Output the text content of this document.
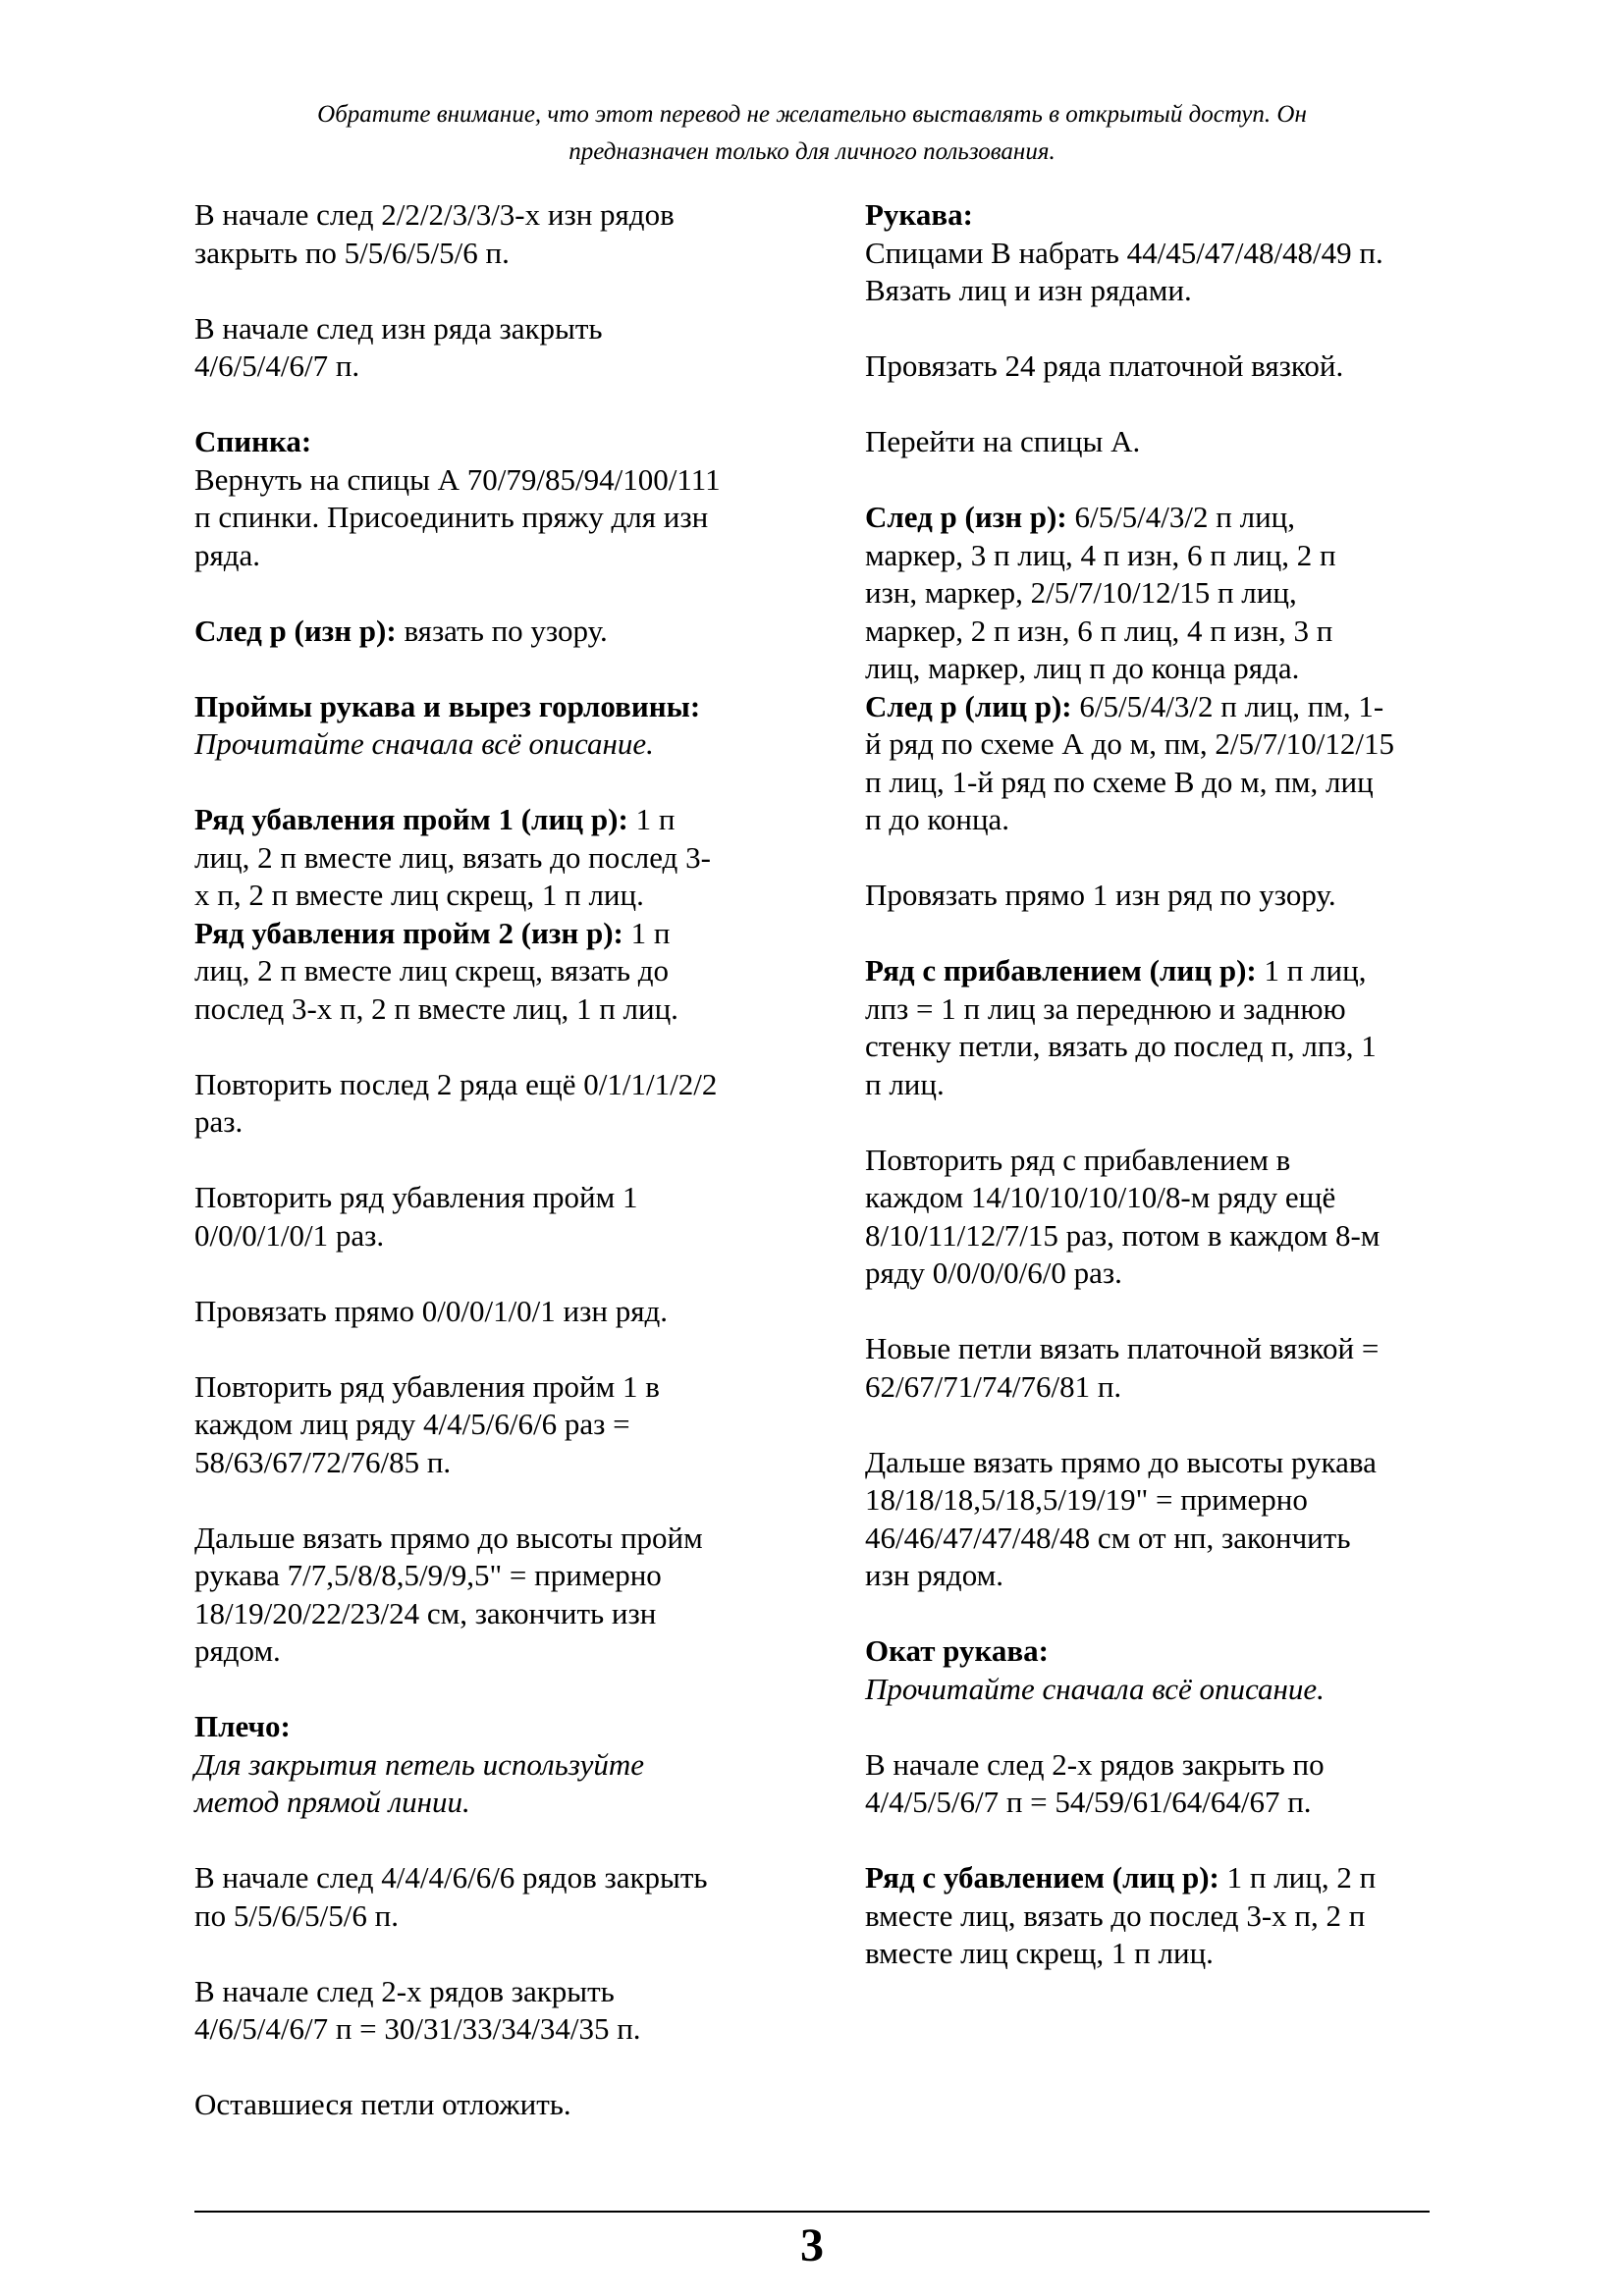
Обратите внимание, что этот перевод не желательно выставлять в открытый доступ. Он
предназначен только для личного пользования.

В начале след 2/2/2/3/3/3-х изн рядов
закрыть по 5/5/6/5/5/6 п.

В начале след изн ряда закрыть
4/6/5/4/6/7 п.

Спинка:
Вернуть на спицы А 70/79/85/94/100/111
п спинки. Присоединить пряжу для изн
ряда.

След р (изн р): вязать по узору.

Проймы рукава и вырез горловины:
Прочитайте сначала всё описание.

Ряд убавления пройм 1 (лиц р): 1 п
лиц, 2 п вместе лиц, вязать до послед 3-
х п, 2 п вместе лиц скрещ, 1 п лиц.

Ряд убавления пройм 2 (изн р): 1 п
лиц, 2 п вместе лиц скрещ, вязать до
послед 3-х п, 2 п вместе лиц, 1 п лиц.

Повторить послед 2 ряда ещё 0/1/1/1/2/2
раз.

Повторить ряд убавления пройм 1
0/0/0/1/0/1 раз.

Провязать прямо 0/0/0/1/0/1 изн ряд.

Повторить ряд убавления пройм 1 в
каждом лиц ряду 4/4/5/6/6/6 раз =
58/63/67/72/76/85 п.

Дальше вязать прямо до высоты пройм
рукава 7/7,5/8/8,5/9/9,5" = примерно
18/19/20/22/23/24 см, закончить изн
рядом.

Плечо:
Для закрытия петель используйте
метод прямой линии.

В начале след 4/4/4/6/6/6 рядов закрыть
по 5/5/6/5/5/6 п.

В начале след 2-х рядов закрыть
4/6/5/4/6/7 п = 30/31/33/34/34/35 п.

Оставшиеся петли отложить.

Рукава:
Спицами В набрать 44/45/47/48/48/49 п.
Вязать лиц и изн рядами.

Провязать 24 ряда платочной вязкой.

Перейти на спицы А.

След р (изн р): 6/5/5/4/3/2 п лиц,
маркер, 3 п лиц, 4 п изн, 6 п лиц, 2 п
изн, маркер, 2/5/7/10/12/15 п лиц,
маркер, 2 п изн, 6 п лиц, 4 п изн, 3 п
лиц, маркер, лиц п до конца ряда.

След р (лиц р): 6/5/5/4/3/2 п лиц, пм, 1-
й ряд по схеме А до м, пм, 2/5/7/10/12/15
п лиц, 1-й ряд по схеме В до м, пм, лиц
п до конца.

Провязать прямо 1 изн ряд по узору.

Ряд с прибавлением (лиц р): 1 п лиц,
лпз = 1 п лиц за переднюю и заднюю
стенку петли, вязать до послед п, лпз, 1
п лиц.

Повторить ряд с прибавлением в
каждом 14/10/10/10/10/8-м ряду ещё
8/10/11/12/7/15 раз, потом в каждом 8-м
ряду 0/0/0/0/6/0 раз.

Новые петли вязать платочной вязкой =
62/67/71/74/76/81 п.

Дальше вязать прямо до высоты рукава
18/18/18,5/18,5/19/19" = примерно
46/46/47/47/48/48 см от нп, закончить
изн рядом.

Окат рукава:
Прочитайте сначала всё описание.

В начале след 2-х рядов закрыть по
4/4/5/5/6/7 п = 54/59/61/64/64/67 п.

Ряд с убавлением (лиц р): 1 п лиц, 2 п
вместе лиц, вязать до послед 3-х п, 2 п
вместе лиц скрещ, 1 п лиц.

3
